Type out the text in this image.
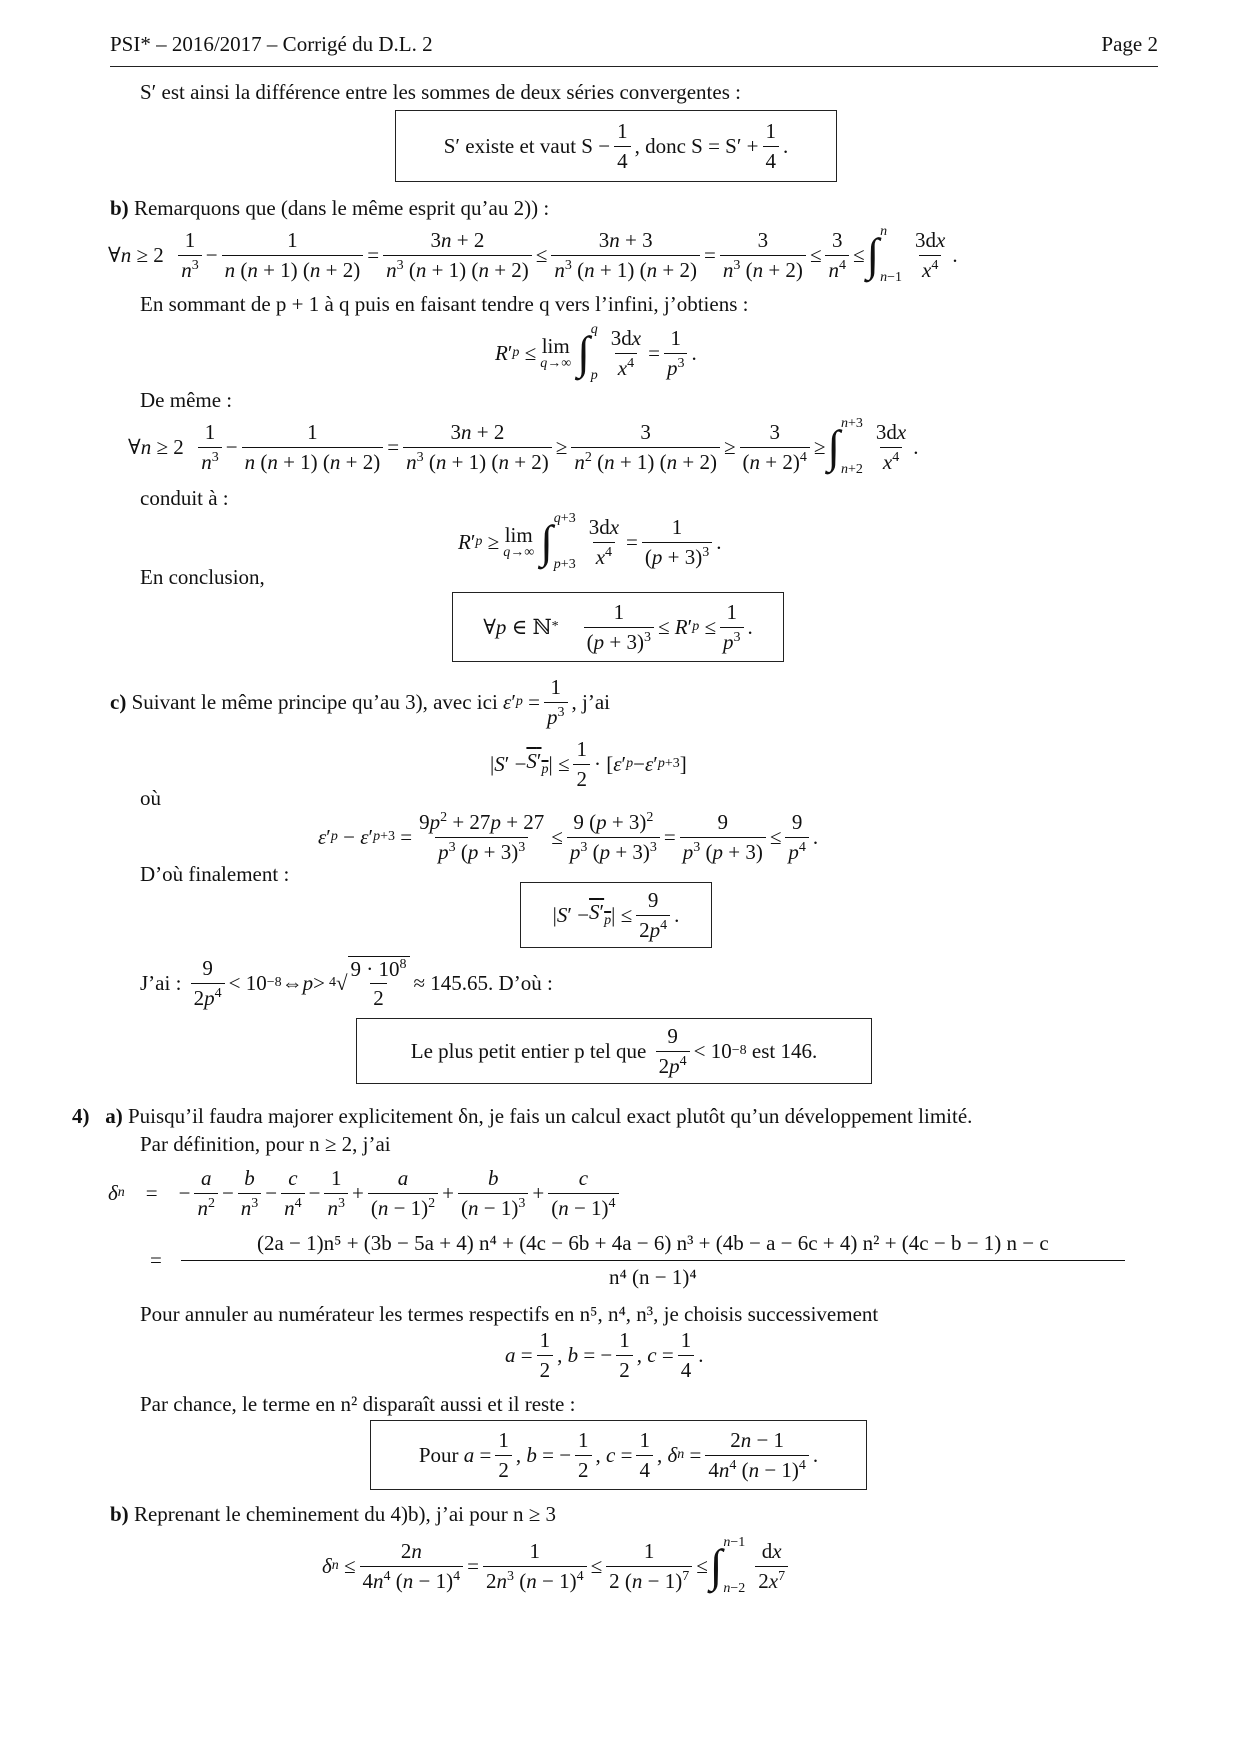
PSI* – 2016/2017 – Corrigé du D.L. 2	Page 2
S′ est ainsi la différence entre les sommes de deux séries convergentes :
S′ existe et vaut $S - \frac{1}{4}$ , donc $S = S' + \frac{1}{4}$ .
b) Remarquons que (dans le même esprit qu’au 2)) :
∀ $n \ge 2 \frac{1}{n^3} - \frac{1}{n (n + 1) (n + 2)} = \frac{3n + 2}{n^3 (n + 1) (n + 2)} \le \frac{3n + 3}{n^3 (n + 1) (n + 2)} = \frac{3}{n^3 (n + 2)} \le \frac{3}{n^4}$ ≤ ∫ n
$n-1 \frac{3dx}{x^4}$ .
En sommant de p + 1 à q puis en faisant tendre q vers l’infini, j’obtiens :
R ′ p ≤ lim
q→∞ ∫ q
p $\frac{3dx}{x^4} = \frac{1}{p^3}$ .
De même :
∀ $n \ge 2 \frac{1}{n^3} - \frac{1}{n (n + 1) (n + 2)} = \frac{3n + 2}{n^3 (n + 1) (n + 2)} \ge \frac{3}{n^2 (n + 1) (n + 2)} \ge \frac{3}{(n + 2)^4}$ ≥ ∫ n+3
$n+2 \frac{3dx}{x^4}$ .
conduit à :
R ′ p ≥ lim
q→∞ ∫ q+3
$p+3 \frac{3dx}{x^4} = \frac{1}{(p + 3)^3}$ .
En conclusion,
∀ p ∈ ℕ *
$\frac{1}{(p + 3)^3} \le R$ ′ $p \le \frac{1}{p^3}$ .
c)
Suivant le même principe qu’au 3), avec ici
ε ′ $p = \frac{1}{p^3}$ , j’ai
| S ′ − $S'_p$ | ≤ $\frac{1}{2}$ · [ ε ′ p − ε ′ p+3 ]
où
ε ′ p − ε ′ $p+3 = \frac{9p^2 + 27p + 27}{p^3 (p + 3)^3} \le \frac{9 (p + 3)^2}{p^3 (p + 3)^3} = \frac{9}{p^3 (p + 3)} \le \frac{9}{p^4}$ .
D’où finalement :
| S ′ − $S'_p$ | ≤ $\frac{9}{2p^4}$ .
J’ai :
$\frac{9}{2p^4} < 10 -8$ ⇔ p > 4 √ $\frac{9 \cdot 10^8}{2} \approx 145.65$. D’où :
Le plus petit entier p tel que
$\frac{9}{2p^4} < 10 -8$
est 146.
4) a) Puisqu’il faudra majorer explicitement δn, je fais un calcul exact plutôt qu’un développement limité.
Par définition, pour n ≥ 2, j’ai
δ n =    − $\frac{a}{n^2} - \frac{b}{n^3} - \frac{c}{n^4} - \frac{1}{n^3} + \frac{a}{(n - 1)^2} + \frac{b}{(n - 1)^3} + \frac{c}{(n - 1)^4}$
=
(2a − 1)n⁵ + (3b − 5a + 4) n⁴ + (4c − 6b + 4a − 6) n³ + (4b − a − 6c + 4) n² + (4c − b − 1) n − c
n⁴ (n − 1)⁴
Pour annuler au numérateur les termes respectifs en n⁵, n⁴, n³, je choisis successivement
$a = \frac{1}{2}$ , b = − $\frac{1}{2}$ , $c = \frac{1}{4}$ .
Par chance, le terme en n² disparaît aussi et il reste :
Pour $a = \frac{1}{2}$ , b = − $\frac{1}{2}$ , $c = \frac{1}{4}$ , δ $n = \frac{2n - 1}{4n^4 (n - 1)^4}$ .
b) Reprenant le cheminement du 4)b), j’ai pour n ≥ 3
δ $n \le \frac{2n}{4n^4 (n - 1)^4} = \frac{1}{2n^3 (n - 1)^4} \le \frac{1}{2 (n - 1)^7}$ ≤ ∫ n−1
$n-2 \frac{dx}{2x^7}$
